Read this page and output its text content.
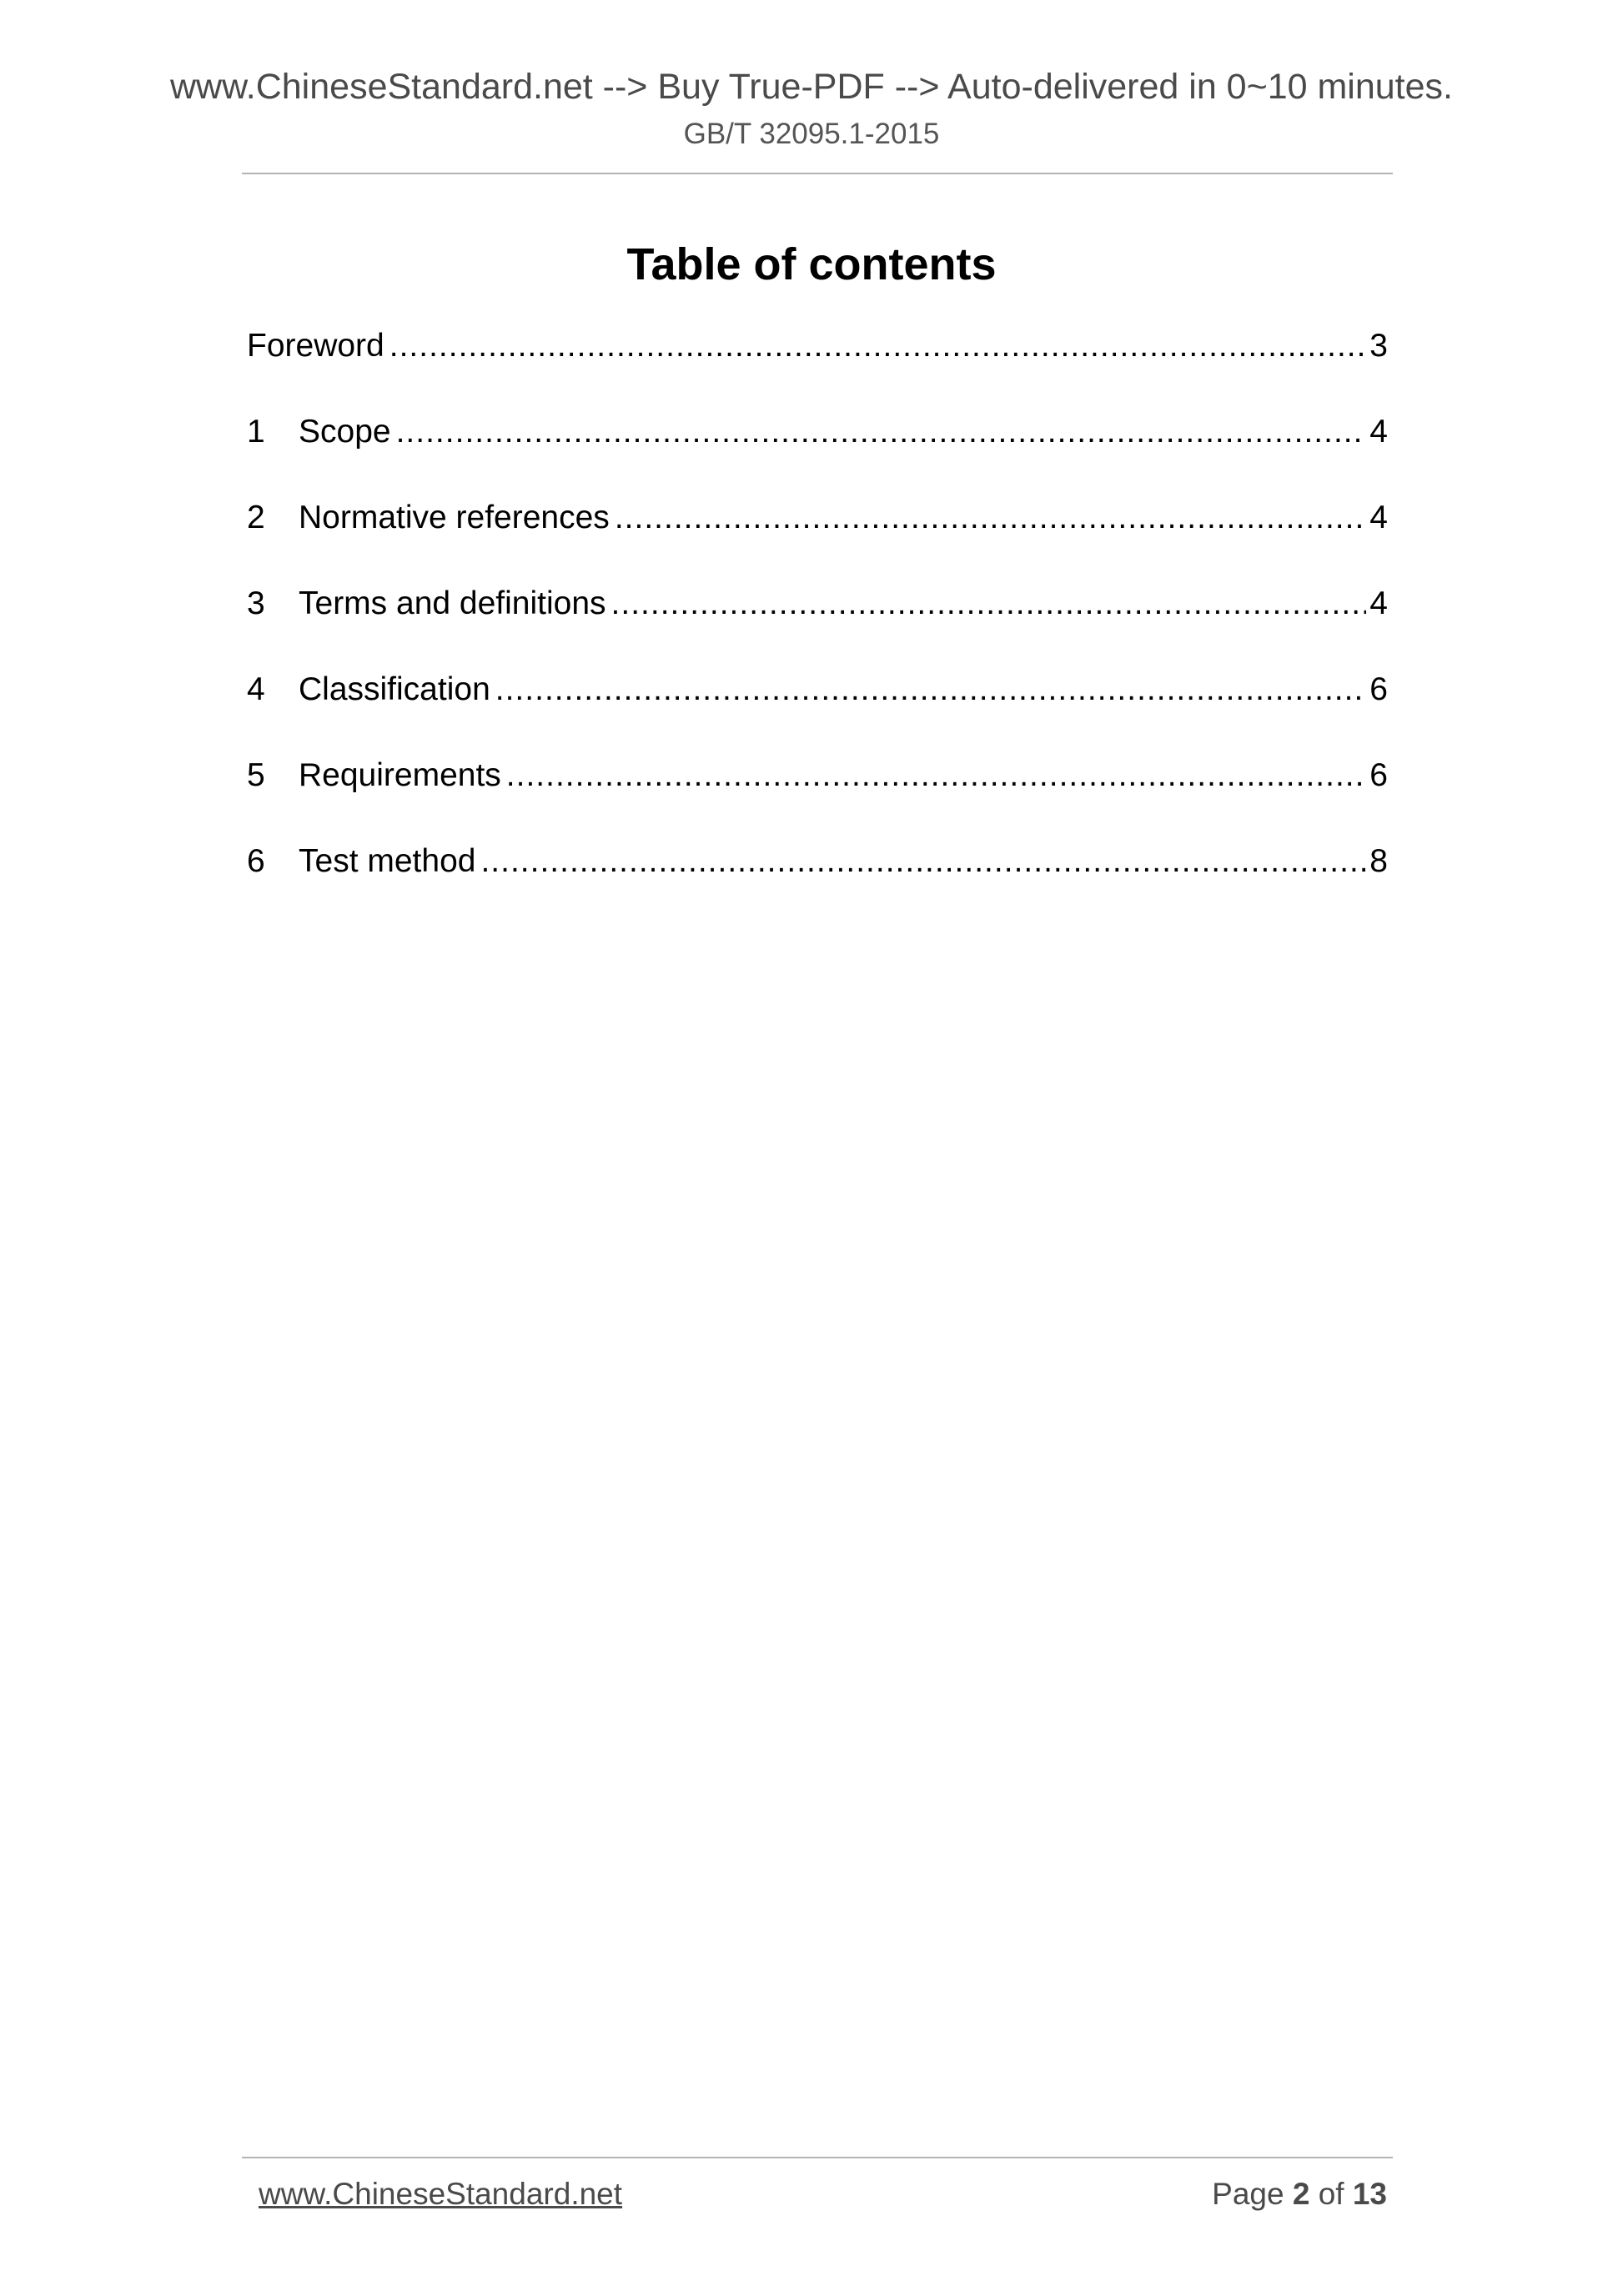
www.ChineseStandard.net --> Buy True-PDF --> Auto-delivered in 0~10 minutes.
GB/T 32095.1-2015
Table of contents
Foreword .....	3
1	Scope .....	4
2	Normative references .....	4
3	Terms and definitions .....	4
4	Classification .....	6
5	Requirements .....	6
6	Test method .....	8
www.ChineseStandard.net	Page 2 of 13
